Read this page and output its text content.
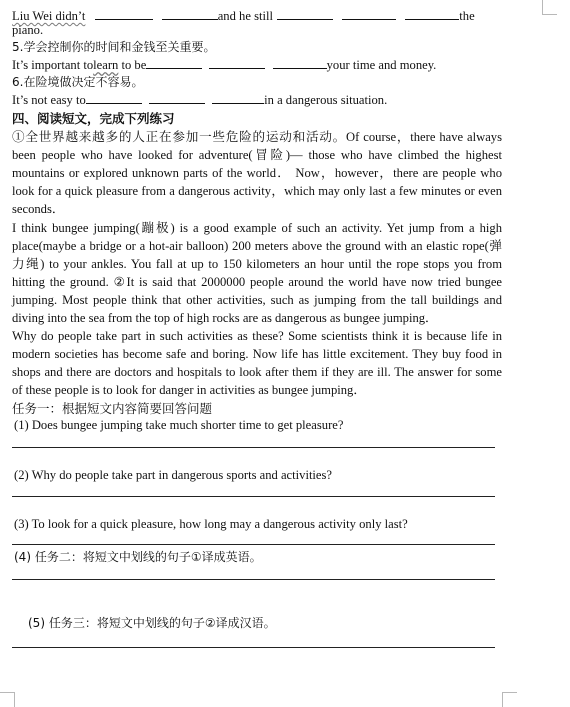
Liu Wei didn’t	and he still	the
piano.
5.学会控制你的时间和金钱至关重要。
It’s important tolearn to be	your time and money.
6.在险境做决定不容易。
It’s not easy to	in a dangerous situation.
四、阅读短文，完成下列练习

①全世界越来越多的人正在参加一些危险的运动和活动。Of course，there have always been people who have looked for adventure(冒险)— those who have climbed the highest mountains or explored unknown parts of the world． Now，however，there are people who look for a quick pleasure from a dangerous activity，which may only last a few minutes or even seconds．

I think bungee jumping(蹦极) is a good example of such an activity. Yet jump from a high place(maybe a bridge or a hot-air balloon) 200 meters above the ground with an elastic rope(弹力绳) to your ankles. You fall at up to 150 kilometers an hour until the rope stops you from hitting the ground. ②It is said that 2000000 people around the world have now tried bungee jumping. Most people think that other activities, such as jumping from the tall buildings and diving into the sea from the top of high rocks are as dangerous as bungee jumping．

Why do people take part in such activities as these? Some scientists think it is because life in modern societies has become safe and boring. Now life has little excitement. They buy food in shops and there are doctors and hospitals to look after them if they are ill. The answer for some of these people is to look for danger in activities as bungee jumping．

任务一：根据短文内容简要回答问题
(1) Does bungee jumping take much shorter time to get pleasure?
(2) Why do people take part in dangerous sports and activities?
(3) To look for a quick pleasure, how long may a dangerous activity only last?
(4) 任务二：将短文中划线的句子①译成英语。
(5) 任务三：将短文中划线的句子②译成汉语。
